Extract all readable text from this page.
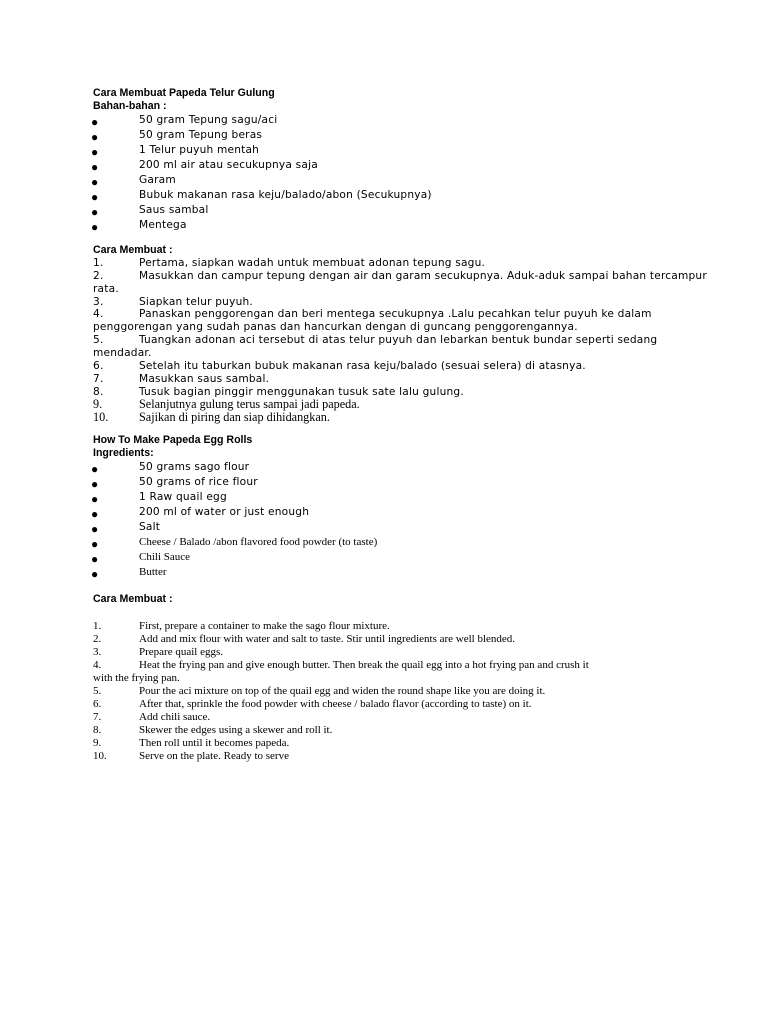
Cara Membuat Papeda Telur Gulung
Bahan-bahan :
●	50 gram Tepung sagu/aci
●	50 gram Tepung beras
●	1 Telur puyuh mentah
●	200 ml air atau secukupnya saja
●	Garam
●	Bubuk makanan rasa keju/balado/abon (Secukupnya)
●	Saus sambal
●	Mentega
Cara Membuat :
1.	Pertama, siapkan wadah untuk membuat adonan tepung sagu.
2.	Masukkan dan campur tepung dengan air dan garam secukupnya. Aduk-aduk sampai bahan tercampur
rata.
3.	Siapkan telur puyuh.
4.	Panaskan penggorengan dan beri mentega secukupnya .Lalu pecahkan telur puyuh ke dalam
penggorengan yang sudah panas dan hancurkan dengan di guncang penggorengannya.
5.	Tuangkan adonan aci tersebut di atas telur puyuh dan lebarkan bentuk bundar seperti sedang
mendadar.
6.	Setelah itu taburkan bubuk makanan rasa keju/balado (sesuai selera) di atasnya.
7.	Masukkan saus sambal.
8.	Tusuk bagian pinggir menggunakan tusuk sate lalu gulung.
9.	Selanjutnya gulung terus sampai jadi papeda.
10.	Sajikan di piring dan siap dihidangkan.
How To Make Papeda Egg Rolls
Ingredients:
●	50 grams sago flour
●	50 grams of rice flour
●	1 Raw quail egg
●	200 ml of water or just enough
●	Salt
●	Cheese / Balado /abon flavored food powder (to taste)
●	Chili Sauce
●	Butter
Cara Membuat :
1.	First, prepare a container to make the sago flour mixture.
2.	Add and mix flour with water and salt to taste. Stir until ingredients are well blended.
3.	Prepare quail eggs.
4.	Heat the frying pan and give enough butter. Then break the quail egg into a hot frying pan and crush it
with the frying pan.
5.	Pour the aci mixture on top of the quail egg and widen the round shape like you are doing it.
6.	After that, sprinkle the food powder with cheese / balado flavor (according to taste) on it.
7.	Add chili sauce.
8.	Skewer the edges using a skewer and roll it.
9.	Then roll until it becomes papeda.
10.	Serve on the plate. Ready to serve
